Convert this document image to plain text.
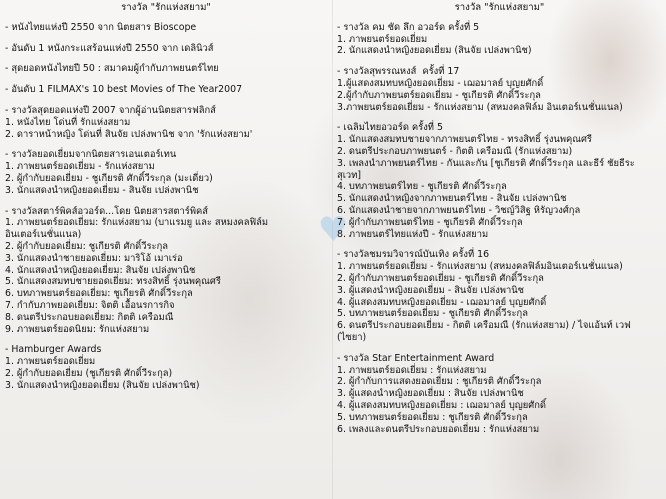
♥
รางวัล "รักแห่งสยาม"
- หนังไทยแห่งปี 2550 จาก นิตยสาร Bioscope
- อันดับ 1 หนังกระแสร้อนแห่งปี 2550 จาก เดลินิวส์
- สุดยอดหนังไทยปี 50 : สมาคมผู้กำกับภาพยนตร์ไทย
- อันดับ 1 FILMAX's 10 best Movies of The Year2007
- รางวัลสุดยอดแห่งปี 2007 จากผู้อ่านนิตยสารฟลิกส์
1. หนังไทย โด่นที่ รักแห่งสยาม
2. ดาราหน้าหญิง โด่นที่ สินจัย เปล่งพานิช จาก 'รักแห่งสยาม'
- รางวัลยอดเยี่ยมจากนิตยสารเอนเตอร์เทน
1. ภาพยนตร์ยอดเยี่ยม - รักแห่งสยาม
2. ผู้กำกับยอดเยี่ยม - ชูเกียรติ ศักดิ์วีระกุล (มะเดี่ยว)
3. นักแสดงนำหญิงยอดเยี่ยม - สินจัย เปล่งพานิช
- รางวัลสตาร์พิคส์อวอร์ด...โดย นิตยสารสตาร์พิคส์
1. ภาพยนตร์ยอดเยี่ยม: รักแห่งสยาม (บาแรมยู และ สหมงคลฟิล์ม
อินเตอร์เนชั่นแนล)
2. ผู้กำกับยอดเยี่ยม: ชูเกียรติ ศักดิ์วีระกุล
3. นักแสดงนำชายยอดเยี่ยม: มาริโอ้ เมาเร่อ
4. นักแสดงนำหญิงยอดเยี่ยม: สินจัย เปล่งพานิช
5. นักแสดงสมทบชายยอดเยี่ยม: ทรงสิทธิ์ รุ่งนพคุณศรี
6. บทภาพยนตร์ยอดเยี่ยม: ชูเกียรติ ศักดิ์วีระกุล
7. กำกับภาพยอดเยี่ยม: จิตติ เอื้อนรการกิจ
8. ดนตรีประกอบยอดเยี่ยม: กิตติ เครือมณี
9. ภาพยนตร์ยอดนิยม: รักแห่งสยาม
- Hamburger Awards
1. ภาพยนตร์ยอดเยี่ยม
2. ผู้กำกับยอดเยี่ยม (ชูเกียรติ ศักดิ์วีระกุล)
3. นักแสดงนำหญิงยอดเยี่ยม (สินจัย เปล่งพานิช)
รางวัล "รักแห่งสยาม"
- รางวัล คม ชัด ลึก อวอร์ด ครั้งที่ 5
1. ภาพยนตร์ยอดเยี่ยม
2. นักแสดงนำหญิงยอดเยี่ยม (สินจัย เปล่งพานิช)
- รางวัลสุพรรณหงส์  ครั้งที่ 17
1.ผู้แสดงสมทบหญิงยอดเยี่ยม - เฌอมาลย์ บุญยศักดิ์
2.ผู้กำกับภาพยนตร์ยอดเยี่ยม - ชูเกียรติ ศักดิ์วีระกุล
3.ภาพยนตร์ยอดเยี่ยม - รักแห่งสยาม (สหมงคลฟิล์ม อินเตอร์เนชั่นแนล)
- เฉลิมไทยอวอร์ด ครั้งที่ 5
1. นักแสดงสมทบชายจากภาพยนตร์ไทย - ทรงสิทธิ์ รุ่งนพคุณศรี
2. ดนตรีประกอบภาพยนตร์ - กิตติ เครือมณี (รักแห่งสยาม)
3. เพลงนำภาพยนตร์ไทย - กันและกัน [ชูเกียรติ ศักดิ์วีระกุล และธีร์ ชัยธีระ
สุเวท]
4. บทภาพยนตร์ไทย - ชูเกียรติ ศักดิ์วีระกุล
5. นักแสดงนำหญิงจากภาพยนตร์ไทย - สินจัย เปล่งพานิช
6. นักแสดงนำชายจากภาพยนตร์ไทย - วิชญ์วิสิฐ หิรัญวงศ์กุล
7. ผู้กำกับภาพยนตร์ไทย - ชูเกียรติ ศักดิ์วีระกุล
8. ภาพยนตร์ไทยแห่งปี - รักแห่งสยาม
- รางวัลชมรมวิจารณ์บันเทิง ครั้งที่ 16
1. ภาพยนตร์ยอดเยี่ยม - รักแห่งสยาม (สหมงคลฟิล์มอินเตอร์เนชั่นแนล)
2. ผู้กำกับภาพยนตร์ยอดเยี่ยม - ชูเกียรติ ศักดิ์วีระกุล
3. ผู้แสดงนำหญิงยอดเยี่ยม - สินจัย เปล่งพานิช
4. ผู้แสดงสมทบหญิงยอดเยี่ยม - เฌอมาลย์ บุญยศักดิ์
5. บทภาพยนตร์ยอดเยี่ยม - ชูเกียรติ ศักดิ์วีระกุล
6. ดนตรีประกอบยอดเยี่ยม - กิตติ เครือมณี (รักแห่งสยาม) / ไจแอ้นท์ เวฟ
(ไซยา)
- รางวัล Star Entertainment Award
1. ภาพยนตร์ยอดเยี่ยม : รักแห่งสยาม
2. ผู้กำกับการแสดงยอดเยี่ยม : ชูเกียรติ ศักดิ์วีระกุล
3. ผู้แสดงนำหญิงยอดเยี่ยม : สินจัย เปล่งพานิช
4. ผู้แสดงสมทบหญิงยอดเยี่ยม : เฌอมาลย์ บุญยศักดิ์
5. บทภาพยนตร์ยอดเยี่ยม : ชูเกียรติ ศักดิ์วีระกุล
6. เพลงและดนตรีประกอบยอดเยี่ยม : รักแห่งสยาม
